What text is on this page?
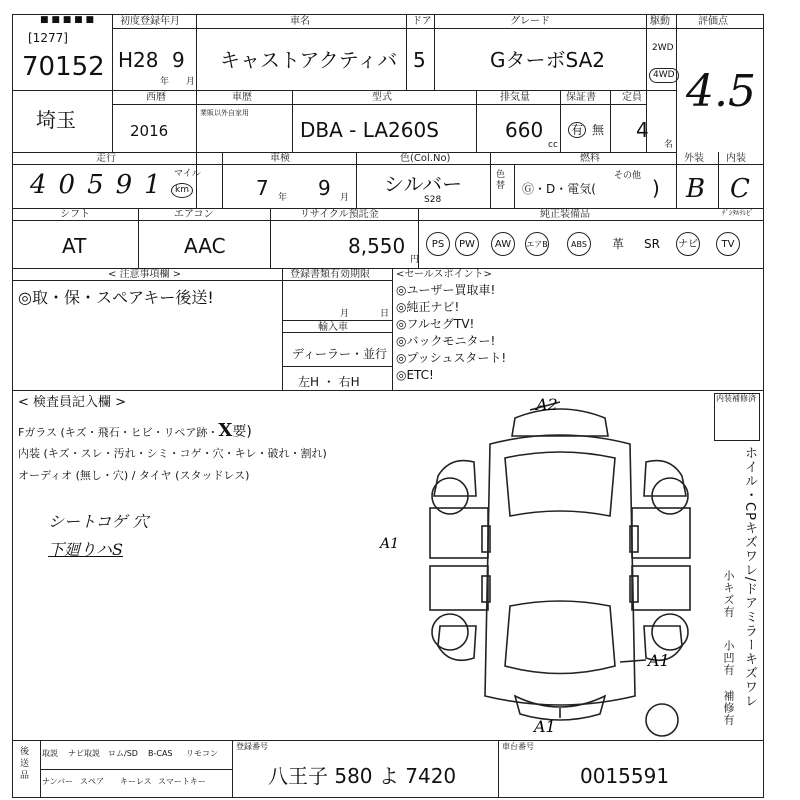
■ ■ ■ ■ ■
[1277]
70152
初度登録年月
H28 9
年 月
車名
キャストアクティバ
ドア
5
グレード
GターボSA2
駆動
2WD
4WD
評価点
4.5
埼玉
西暦
2016
車歴
業販以外自家用
型式
DBA - LA260S
排気量
660
cc
保証書
有 無
定員
4
名
走行
40591 マイル
km
車検
7 年 9 月
色(Col.No)
シルバー
S28
色替
燃料
Ⓖ・D・電気(
その他 )
外装
B
内装
C
シフト
AT
エアコン
AAC
リサイクル預託金
8,550
円
純正装備品	ﾃﾞｼﾀﾙﾃﾚﾋﾞ
PS	PW	AW	エアB	ABS	革	SR	ナビ	TV
< 注意事項欄 >
◎取・保・スペアキー後送!
登録書類有効期限
月	日
輸入車
ディーラー・並行
左H ・ 右H
<セールスポイント>
◎ユーザー買取車!
◎純正ナビ!
◎フルセグTV!
◎バックモニター!
◎プッシュスタート!
◎ETC!
< 検査員記入欄 >	内装補修済
Fガラス (キズ・飛石・ヒビ・リペア跡・X要)
内装 (キズ・スレ・汚れ・シミ・コゲ・穴・キレ・破れ・割れ)
オーディオ (無し・穴) / タイヤ (スタッドレス)
シートコゲ 穴
下廻りハS
A2
A1
A1
A1
ホイル・CPキズワレ/ドアミラーキズワレ
小キズ有
小凹有
補修有
後送品
取説 ナビ取説 ロム/SD B-CAS リモコン
ナンバー スペア キーレス スマートキー
登録番号
八王子 580 よ 7420
車台番号
0015591
